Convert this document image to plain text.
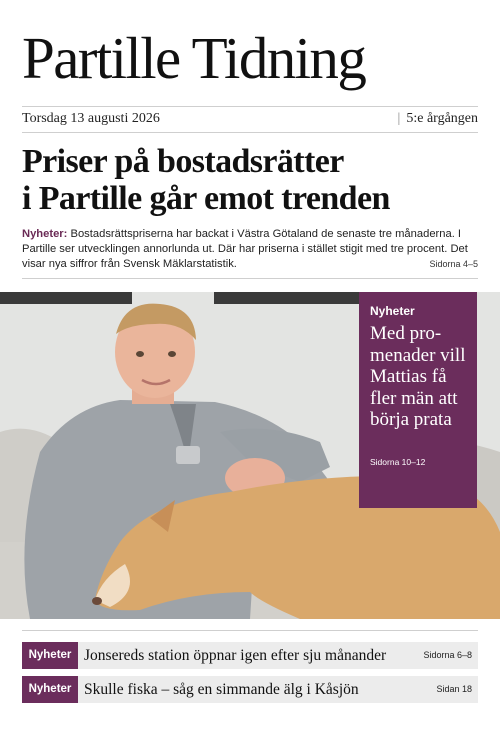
Partille Tidning
Torsdag 13 augusti 2026	| 5:e årgången
Priser på bostadsrätter
i Partille går emot trenden
Nyheter: Bostadsrättspriserna har backat i Västra Götaland de senaste tre månaderna. I Partille ser utvecklingen annorlunda ut. Där har priserna i stället stigit med tre procent. Det visar nya siffror från Svensk Mäklarstatistik.	Sidorna 4–5
Nyheter
Med pro-menader vill Mattias få fler män att börja prata
Sidorna 10–12
Nyheter Jonsereds station öppnar igen efter sju månander	Sidorna 6–8
Nyheter Skulle fiska – såg en simmande älg i Kåsjön	Sidan 18
